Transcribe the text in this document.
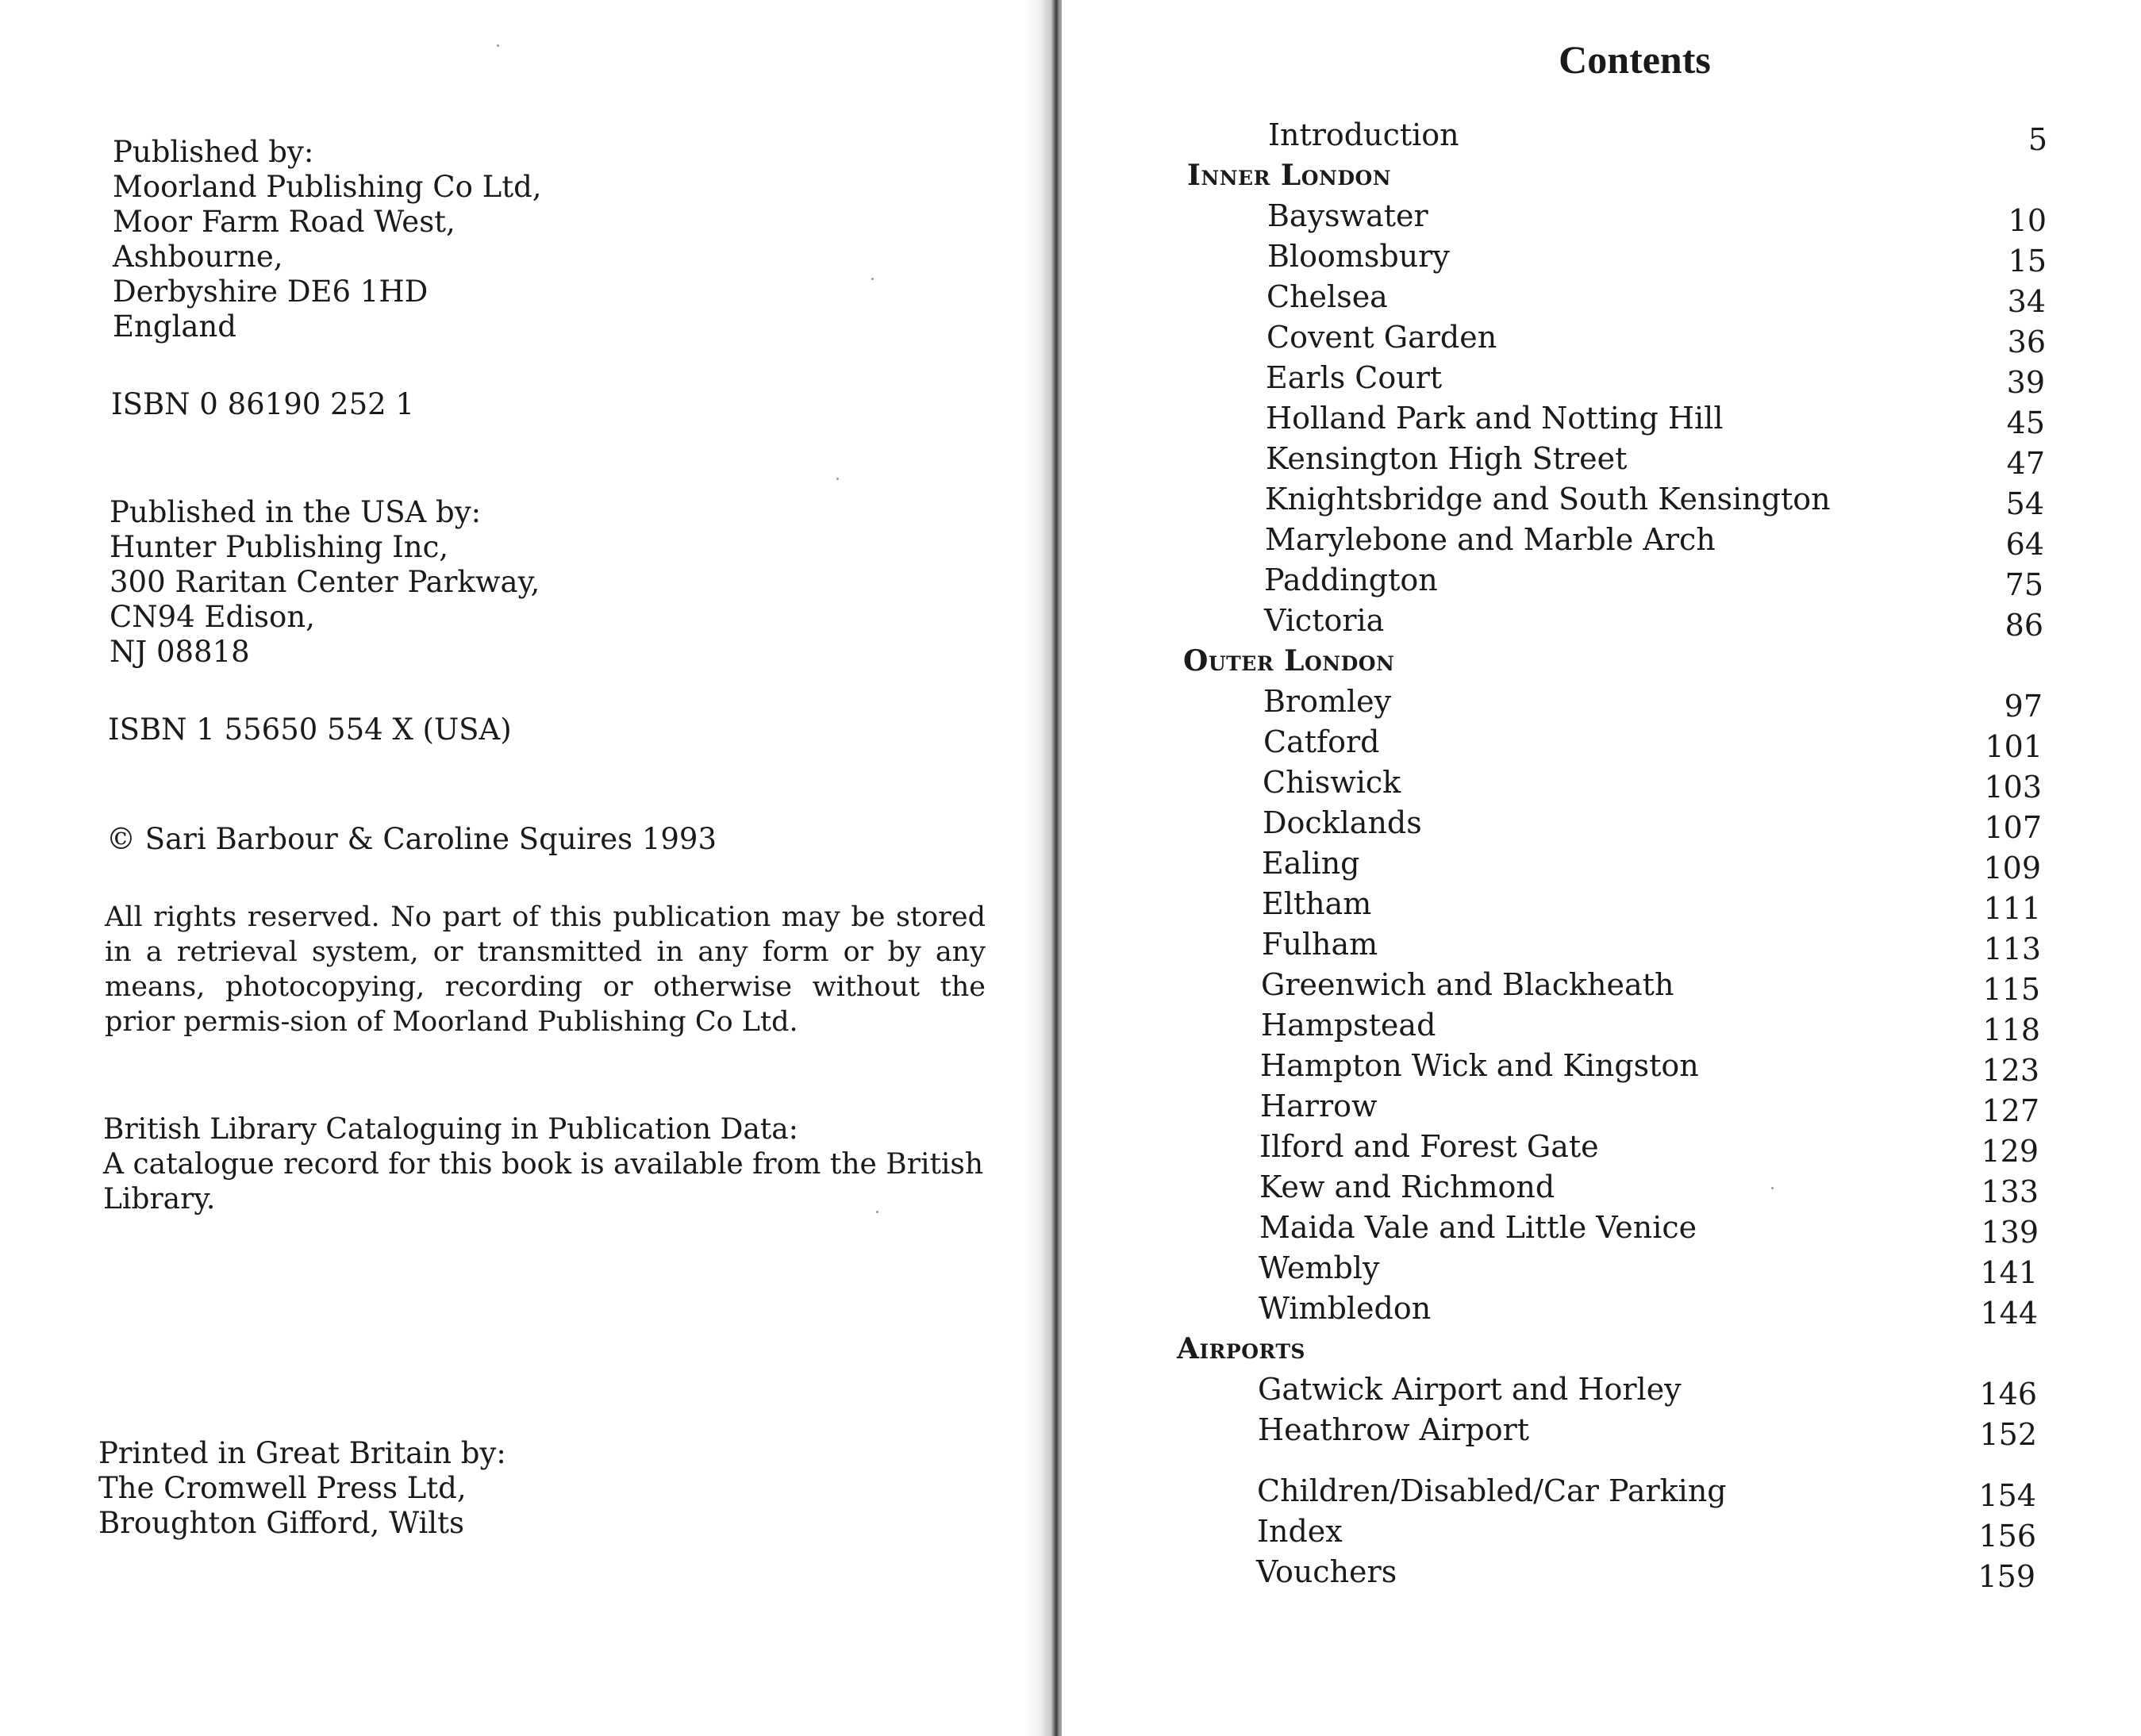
Published by:
Moorland Publishing Co Ltd,
Moor Farm Road West,
Ashbourne,
Derbyshire DE6 1HD
England
ISBN 0 86190 252 1
Published in the USA by:
Hunter Publishing Inc,
300 Raritan Center Parkway,
CN94 Edison,
NJ 08818
ISBN 1 55650 554 X (USA)
© Sari Barbour & Caroline Squires 1993
All rights reserved. No part of this publication may be stored in a retrieval system, or transmitted in any form or by any means, photocopying, recording or otherwise without the prior permis-sion of Moorland Publishing Co Ltd.
British Library Cataloguing in Publication Data:
A catalogue record for this book is available from the British Library.
Printed in Great Britain by:
The Cromwell Press Ltd,
Broughton Gifford, Wilts
Contents
Introduction	5
Inner London
Bayswater	10
Bloomsbury	15
Chelsea	34
Covent Garden	36
Earls Court	39
Holland Park and Notting Hill	45
Kensington High Street	47
Knightsbridge and South Kensington	54
Marylebone and Marble Arch	64
Paddington	75
Victoria	86
Outer London
Bromley	97
Catford	101
Chiswick	103
Docklands	107
Ealing	109
Eltham	111
Fulham	113
Greenwich and Blackheath	115
Hampstead	118
Hampton Wick and Kingston	123
Harrow	127
Ilford and Forest Gate	129
Kew and Richmond	133
Maida Vale and Little Venice	139
Wembly	141
Wimbledon	144
Airports
Gatwick Airport and Horley	146
Heathrow Airport	152
Children/Disabled/Car Parking	154
Index	156
Vouchers	159
